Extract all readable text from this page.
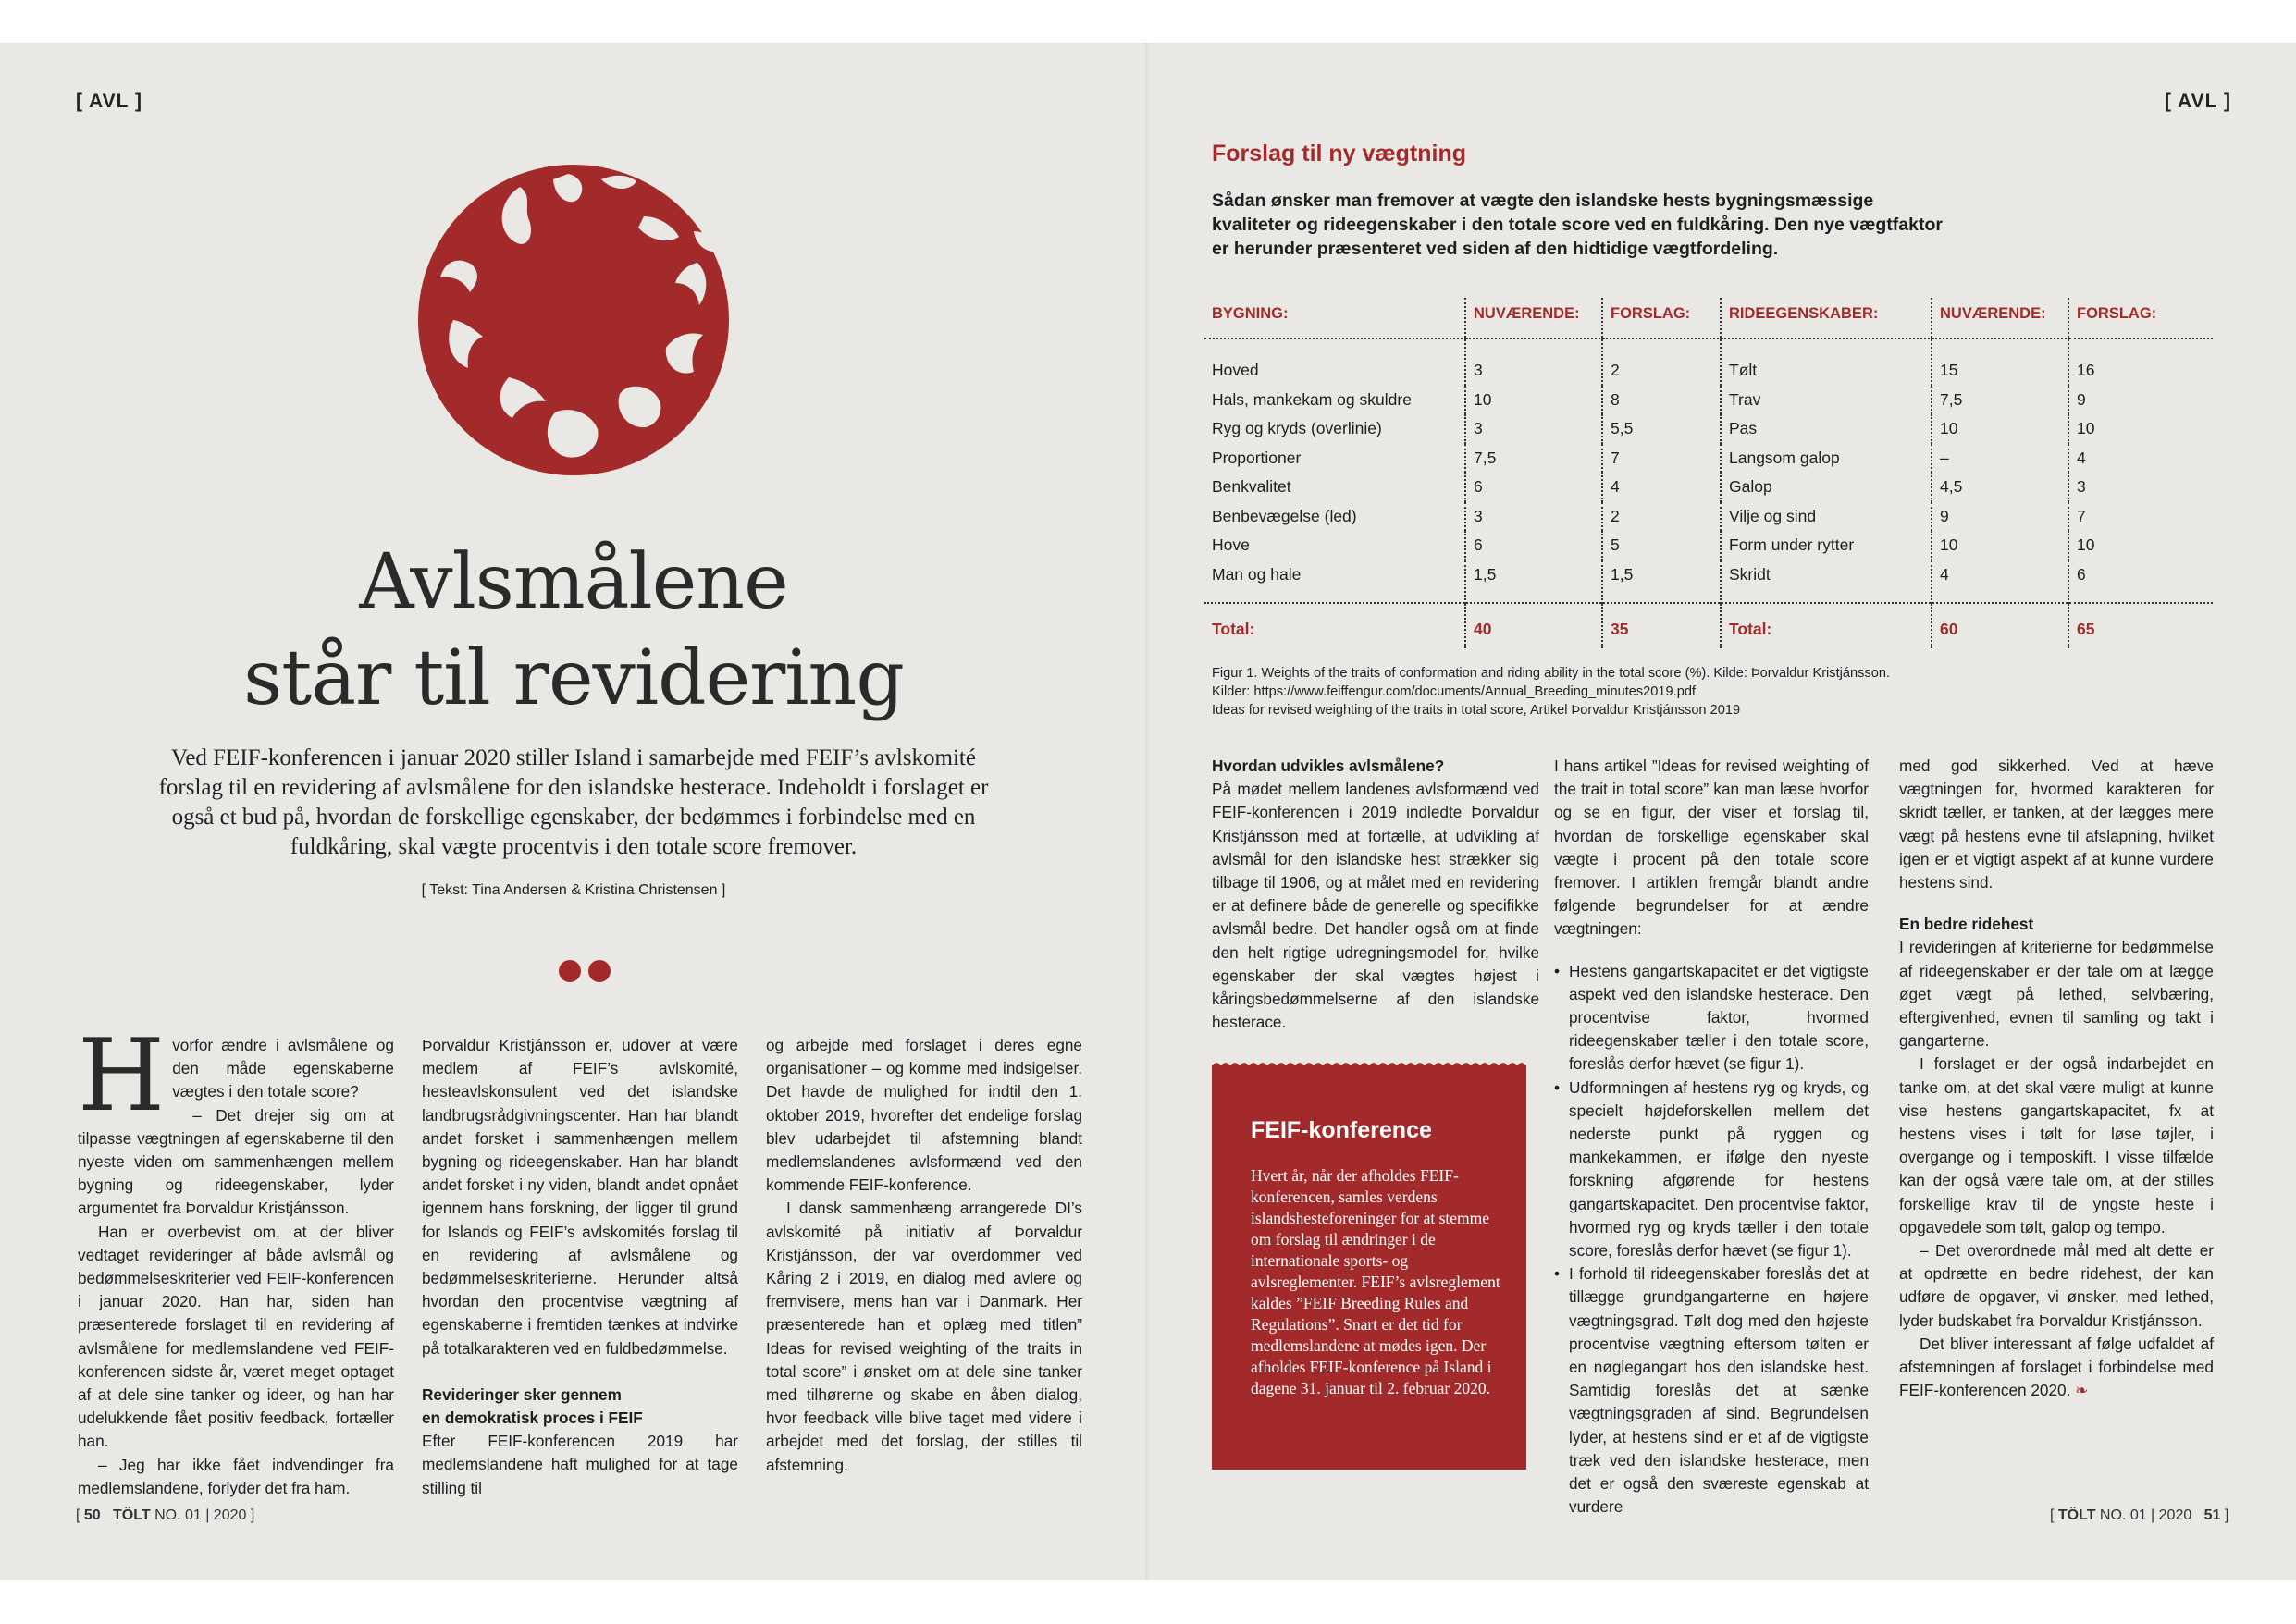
[ AVL ]
Avlsmålene
står til revidering
Ved FEIF-konferencen i januar 2020 stiller Island i samarbejde med FEIF’s avlskomité forslag til en revidering af avlsmålene for den islandske hesterace. Indeholdt i forslaget er også et bud på, hvordan de forskellige egenskaber, der bedømmes i forbindelse med en fuldkåring, skal vægte procentvis i den totale score fremover.
[ Tekst: Tina Andersen & Kristina Christensen ]
H vorfor ændre i avlsmålene og den måde egenskaberne vægtes i den totale score?

– Det drejer sig om at tilpasse vægtningen af egenskaberne til den nyeste viden om sammenhængen mellem bygning og rideegenskaber, lyder argumentet fra Þorvaldur Kristjánsson.

Han er overbevist om, at der bliver vedtaget revideringer af både avlsmål og bedømmelseskriterier ved FEIF-konferencen i januar 2020. Han har, siden han præsenterede forslaget til en revidering af avlsmålene for medlemslandene ved FEIF-konferencen sidste år, været meget optaget af at dele sine tanker og ideer, og han har udelukkende fået positiv feedback, fortæller han.

– Jeg har ikke fået indvendinger fra medlemslandene, forlyder det fra ham.

Þorvaldur Kristjánsson er, udover at være medlem af FEIF’s avlskomité, hesteavlskonsulent ved det islandske landbrugsrådgivningscenter. Han har blandt andet forsket i sammenhængen mellem bygning og rideegenskaber. Han har blandt andet forsket i ny viden, blandt andet opnået igennem hans forskning, der ligger til grund for Islands og FEIF’s avlskomités forslag til en revidering af avlsmålene og bedømmelseskriterierne. Herunder altså hvordan den procentvise vægtning af egenskaberne i fremtiden tænkes at indvirke på totalkarakteren ved en fuldbedømmelse.

Revideringer sker gennem
en demokratisk proces i FEIF

Efter FEIF-konferencen 2019 har medlemslandene haft mulighed for at tage stilling til

og arbejde med forslaget i deres egne organisationer – og komme med indsigelser. Det havde de mulighed for indtil den 1. oktober 2019, hvorefter det endelige forslag blev udarbejdet til afstemning blandt medlemslandenes avlsformænd ved den kommende FEIF-konference.

I dansk sammenhæng arrangerede DI’s avlskomité på initiativ af Þorvaldur Kristjánsson, der var overdommer ved Kåring 2 i 2019, en dialog med avlere og fremvisere, mens han var i Danmark. Her præsenterede han et oplæg med titlen” Ideas for revised weighting of the traits in total score” i ønsket om at dele sine tanker med tilhørerne og skabe en åben dialog, hvor feedback ville blive taget med videre i arbejdet med det forslag, der stilles til afstemning.

[ 50 TÖLT NO. 01 | 2020 ]
[ AVL ]
Forslag til ny vægtning
Sådan ønsker man fremover at vægte den islandske hests bygningsmæssige kvaliteter og rideegenskaber i den totale score ved en fuldkåring. Den nye vægtfaktor er herunder præsenteret ved siden af den hidtidige vægtfordeling.
BYGNING:	NUVÆRENDE:	FORSLAG:	RIDEEGENSKABER:	NUVÆRENDE:	FORSLAG:
Hoved	3	2	Tølt	15	16
Hals, mankekam og skuldre	10	8	Trav	7,5	9
Ryg og kryds (overlinie)	3	5,5	Pas	10	10
Proportioner	7,5	7	Langsom galop	–	4
Benkvalitet	6	4	Galop	4,5	3
Benbevægelse (led)	3	2	Vilje og sind	9	7
Hove	6	5	Form under rytter	10	10
Man og hale	1,5	1,5	Skridt	4	6
Total:	40	35	Total:	60	65
Figur 1. Weights of the traits of conformation and riding ability in the total score (%). Kilde: Þorvaldur Kristjánsson.
Kilder: https://www.feiffengur.com/documents/Annual_Breeding_minutes2019.pdf
Ideas for revised weighting of the traits in total score, Artikel Þorvaldur Kristjánsson 2019
Hvordan udvikles avlsmålene?

På mødet mellem landenes avlsformænd ved FEIF-konferencen i 2019 indledte Þorvaldur Kristjánsson med at fortælle, at udvikling af avlsmål for den islandske hest strækker sig tilbage til 1906, og at målet med en revidering er at definere både de generelle og specifikke avlsmål bedre. Det handler også om at finde den helt rigtige udregningsmodel for, hvilke egenskaber der skal vægtes højest i kåringsbedømmelserne af den islandske hesterace.

FEIF-konference

Hvert år, når der afholdes FEIF-konferencen, samles verdens islandshesteforeninger for at stemme om forslag til ændringer i de internationale sports- og avlsreglementer. FEIF’s avlsreglement kaldes ”FEIF Breeding Rules and Regulations”. Snart er det tid for medlemslandene at mødes igen. Der afholdes FEIF-konference på Island i dagene 31. januar til 2. februar 2020.

I hans artikel ”Ideas for revised weighting of the trait in total score” kan man læse hvorfor og se en figur, der viser et forslag til, hvordan de forskellige egenskaber skal vægte i procent på den totale score fremover. I artiklen fremgår blandt andre følgende begrundelser for at ændre vægtningen:

• Hestens gangartskapacitet er det vigtigste aspekt ved den islandske hesterace. Den procentvise faktor, hvormed rideegenskaber tæller i den totale score, foreslås derfor hævet (se figur 1).

• Udformningen af hestens ryg og kryds, og specielt højdeforskellen mellem det nederste punkt på ryggen og mankekammen, er ifølge den nyeste forskning afgørende for hestens gangartskapacitet. Den procentvise faktor, hvormed ryg og kryds tæller i den totale score, foreslås derfor hævet (se figur 1).

• I forhold til rideegenskaber foreslås det at tillægge grundgangarterne en højere vægtningsgrad. Tølt dog med den højeste procentvise vægtning eftersom tølten er en nøglegangart hos den islandske hest. Samtidig foreslås det at sænke vægtningsgraden af sind. Begrundelsen lyder, at hestens sind er et af de vigtigste træk ved den islandske hesterace, men det er også den sværeste egenskab at vurdere

med god sikkerhed. Ved at hæve vægtningen for, hvormed karakteren for skridt tæller, er tanken, at der lægges mere vægt på hestens evne til afslapning, hvilket igen er et vigtigt aspekt af at kunne vurdere hestens sind.

En bedre ridehest

I revideringen af kriterierne for bedømmelse af rideegenskaber er der tale om at lægge øget vægt på lethed, selvbæring, eftergivenhed, evnen til samling og takt i gangarterne.

I forslaget er der også indarbejdet en tanke om, at det skal være muligt at kunne vise hestens gangartskapacitet, fx at hestens vises i tølt for løse tøjler, i overgange og i temposkift. I visse tilfælde kan der også være tale om, at der stilles forskellige krav til de yngste heste i opgavedele som tølt, galop og tempo.

– Det overordnede mål med alt dette er at opdrætte en bedre ridehest, der kan udføre de opgaver, vi ønsker, med lethed, lyder budskabet fra Þorvaldur Kristjánsson.

Det bliver interessant af følge udfaldet af afstemningen af forslaget i forbindelse med FEIF-konferencen 2020. ❧

[ TÖLT NO. 01 | 2020 51 ]
